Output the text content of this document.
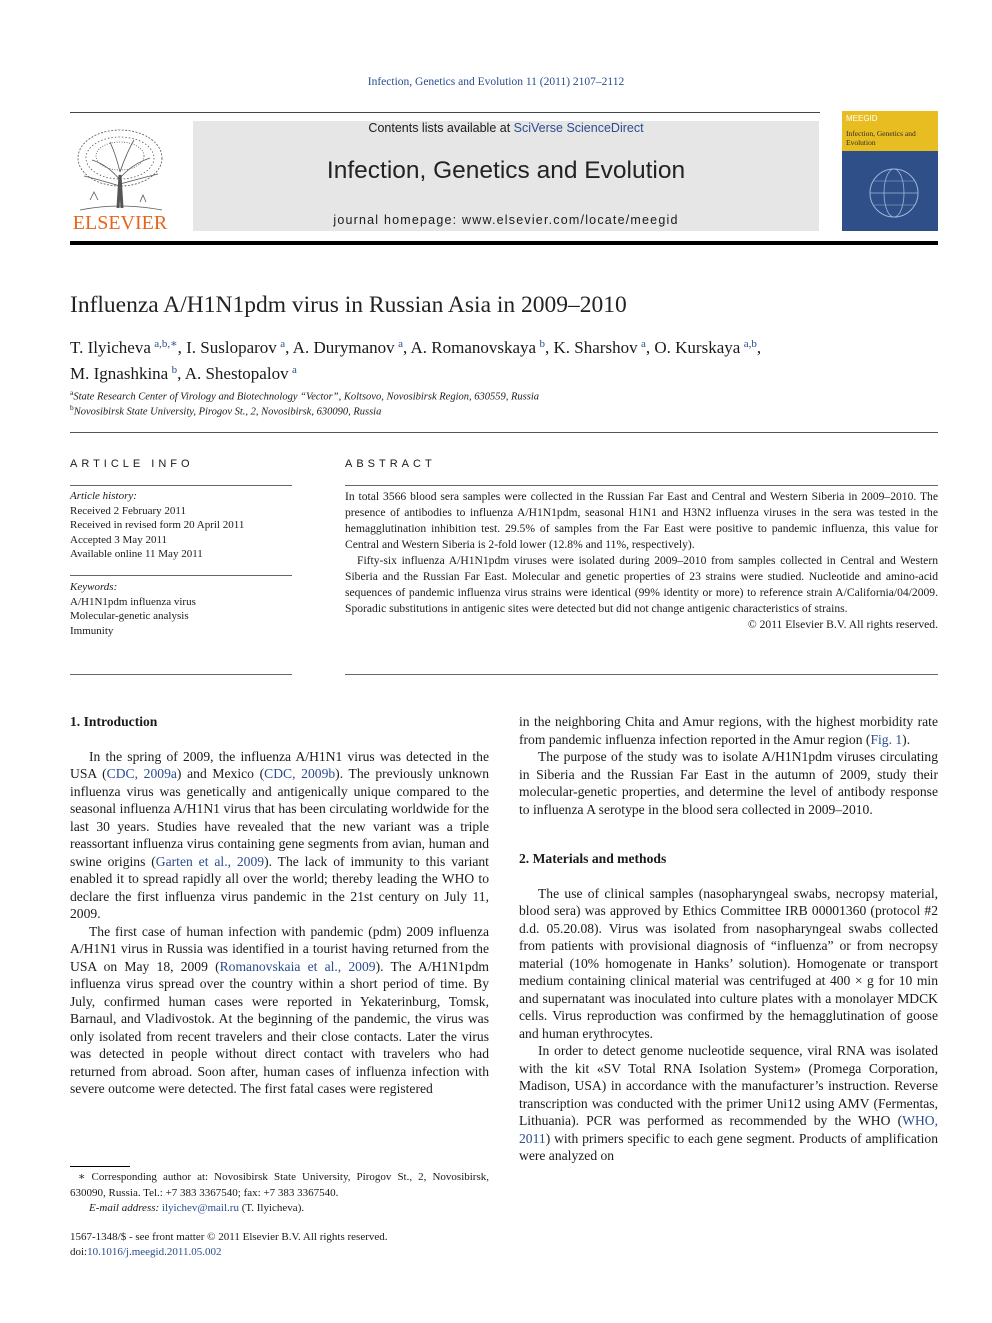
Infection, Genetics and Evolution 11 (2011) 2107–2112
ELSEVIER
Contents lists available at SciVerse ScienceDirect
Infection, Genetics and Evolution
journal homepage: www.elsevier.com/locate/meegid
MEEGID
Infection, Genetics and Evolution
Influenza A/H1N1pdm virus in Russian Asia in 2009–2010
T. Ilyicheva  $^{a,b,∗}$, I. Susloparov  $^a$, A. Durymanov  $^a$, A. Romanovskaya  $^b$, K. Sharshov  $^a$, O. Kurskaya  $^{a,b}$,
M. Ignashkina  $^b$, A. Shestopalov  $^a$
$^a$State Research Center of Virology and Biotechnology “Vector”, Koltsovo, Novosibirsk Region, 630559, Russia
$^b$Novosibirsk State University, Pirogov St., 2, Novosibirsk, 630090, Russia
ARTICLE INFO
Article history:
Received 2 February 2011
Received in revised form 20 April 2011
Accepted 3 May 2011
Available online 11 May 2011
Keywords:
A/H1N1pdm influenza virus
Molecular-genetic analysis
Immunity
ABSTRACT

In total 3566 blood sera samples were collected in the Russian Far East and Central and Western Siberia in 2009–2010. The presence of antibodies to influenza A/H1N1pdm, seasonal H1N1 and H3N2 influenza viruses in the sera was tested in the hemagglutination inhibition test. 29.5% of samples from the Far East were positive to pandemic influenza, this value for Central and Western Siberia is 2-fold lower (12.8% and 11%, respectively).

Fifty-six influenza A/H1N1pdm viruses were isolated during 2009–2010 from samples collected in Central and Western Siberia and the Russian Far East. Molecular and genetic properties of 23 strains were studied. Nucleotide and amino-acid sequences of pandemic influenza virus strains were identical (99% identity or more) to reference strain A/California/04/2009. Sporadic substitutions in antigenic sites were detected but did not change antigenic characteristics of strains.

© 2011 Elsevier B.V. All rights reserved.
1. Introduction

In the spring of 2009, the influenza A/H1N1 virus was detected in the USA (CDC, 2009a) and Mexico (CDC, 2009b). The previously unknown influenza virus was genetically and antigenically unique compared to the seasonal influenza A/H1N1 virus that has been circulating worldwide for the last 30 years. Studies have revealed that the new variant was a triple reassortant influenza virus containing gene segments from avian, human and swine origins (Garten et al., 2009). The lack of immunity to this variant enabled it to spread rapidly all over the world; thereby leading the WHO to declare the first influenza virus pandemic in the 21st century on July 11, 2009.

The first case of human infection with pandemic (pdm) 2009 influenza A/H1N1 virus in Russia was identified in a tourist having returned from the USA on May 18, 2009 (Romanovskaia et al., 2009). The A/H1N1pdm influenza virus spread over the country within a short period of time. By July, confirmed human cases were reported in Yekaterinburg, Tomsk, Barnaul, and Vladivostok. At the beginning of the pandemic, the virus was only isolated from recent travelers and their close contacts. Later the virus was detected in people without direct contact with travelers who had returned from abroad. Soon after, human cases of influenza infection with severe outcome were detected. The first fatal cases were registered

in the neighboring Chita and Amur regions, with the highest morbidity rate from pandemic influenza infection reported in the Amur region (Fig. 1).

The purpose of the study was to isolate A/H1N1pdm viruses circulating in Siberia and the Russian Far East in the autumn of 2009, study their molecular-genetic properties, and determine the level of antibody response to influenza A serotype in the blood sera collected in 2009–2010.

2. Materials and methods

The use of clinical samples (nasopharyngeal swabs, necropsy material, blood sera) was approved by Ethics Committee IRB 00001360 (protocol #2 d.d. 05.20.08). Virus was isolated from nasopharyngeal swabs collected from patients with provisional diagnosis of “influenza” or from necropsy material (10% homogenate in Hanks’ solution). Homogenate or transport medium containing clinical material was centrifuged at 400 × g for 10 min and supernatant was inoculated into culture plates with a monolayer MDCK cells. Virus reproduction was confirmed by the hemagglutination of goose and human erythrocytes.

In order to detect genome nucleotide sequence, viral RNA was isolated with the kit «SV Total RNA Isolation System» (Promega Corporation, Madison, USA) in accordance with the manufacturer’s instruction. Reverse transcription was conducted with the primer Uni12 using AMV (Fermentas, Lithuania). PCR was performed as recommended by the WHO (WHO, 2011) with primers specific to each gene segment. Products of amplification were analyzed on

∗ Corresponding author at: Novosibirsk State University, Pirogov St., 2, Novosibirsk, 630090, Russia. Tel.: +7 383 3367540; fax: +7 383 3367540.

E-mail address: ilyichev@mail.ru (T. Ilyicheva).

1567-1348/$ - see front matter © 2011 Elsevier B.V. All rights reserved.

doi:10.1016/j.meegid.2011.05.002
